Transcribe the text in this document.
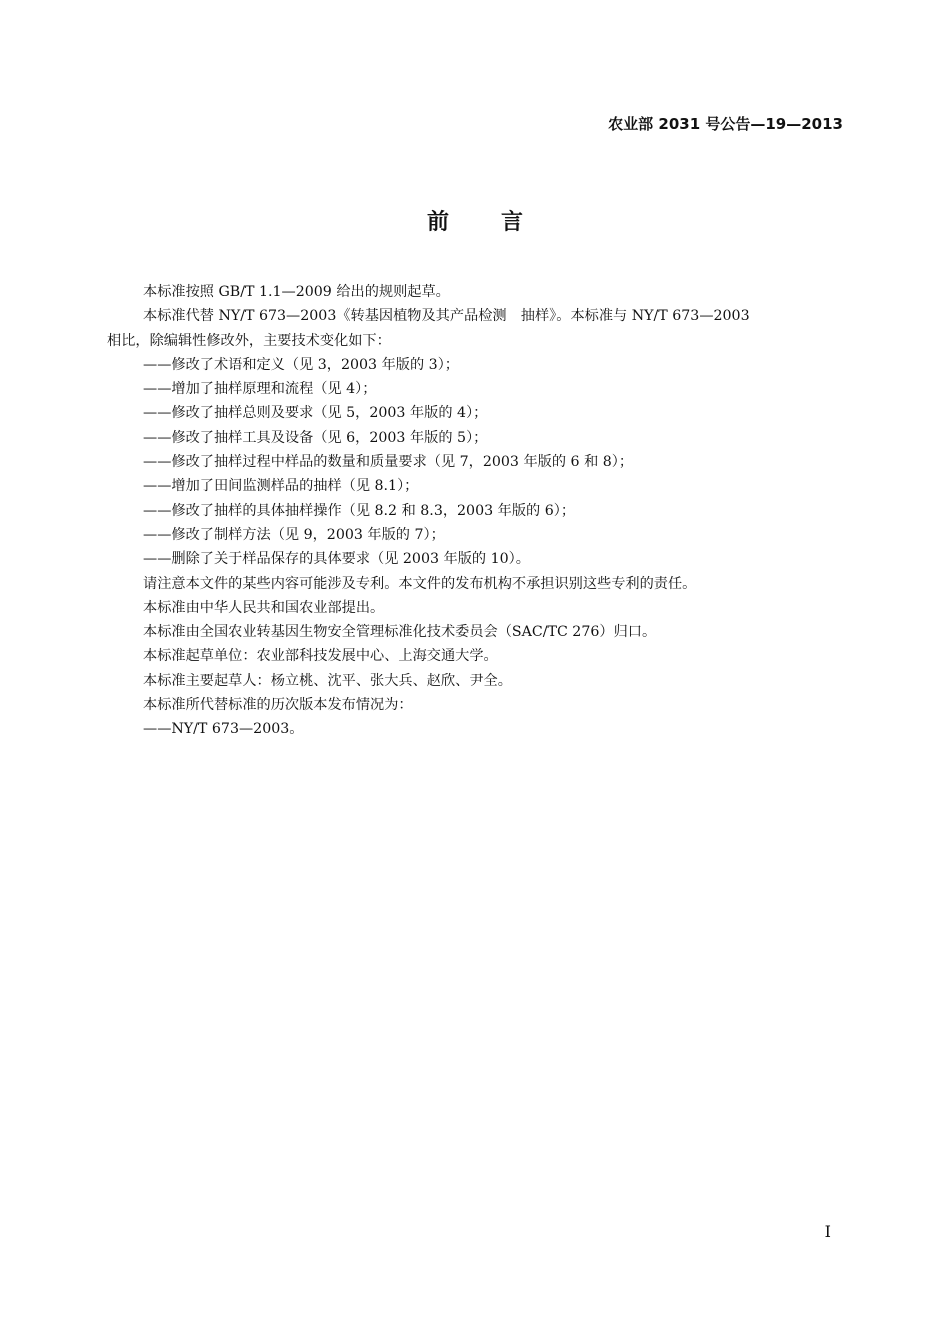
农业部 2031 号公告—19—2013
前 言

本标准按照 GB/T 1.1—2009 给出的规则起草。

本标准代替 NY/T 673—2003《转基因植物及其产品检测　抽样》。本标准与 NY/T 673—2003

相比，除编辑性修改外，主要技术变化如下：

——修改了术语和定义（见 3，2003 年版的 3）；

——增加了抽样原理和流程（见 4）；

——修改了抽样总则及要求（见 5，2003 年版的 4）；

——修改了抽样工具及设备（见 6，2003 年版的 5）；

——修改了抽样过程中样品的数量和质量要求（见 7，2003 年版的 6 和 8）；

——增加了田间监测样品的抽样（见 8.1）；

——修改了抽样的具体抽样操作（见 8.2 和 8.3，2003 年版的 6）；

——修改了制样方法（见 9，2003 年版的 7）；

——删除了关于样品保存的具体要求（见 2003 年版的 10）。

请注意本文件的某些内容可能涉及专利。本文件的发布机构不承担识别这些专利的责任。

本标准由中华人民共和国农业部提出。

本标准由全国农业转基因生物安全管理标准化技术委员会（SAC/TC 276）归口。

本标准起草单位：农业部科技发展中心、上海交通大学。

本标准主要起草人：杨立桃、沈平、张大兵、赵欣、尹全。

本标准所代替标准的历次版本发布情况为：

——NY/T 673—2003。

I
